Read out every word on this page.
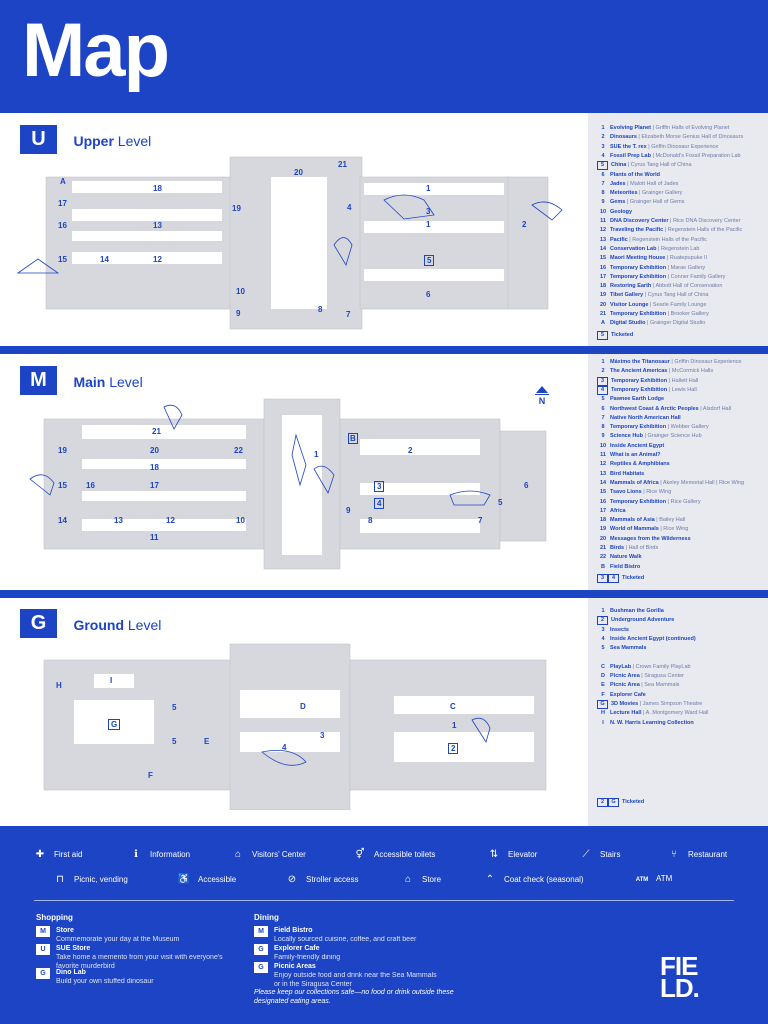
Map
U Upper Level
20
21
A
18
17
19
16	13
15	14	12
10
9	8
7
4
1
3
1	2
5
6
1 Evolving Planet | Griffin Halls of Evolving Planet
2 Dinosaurs | Elizabeth Morse Genius Hall of Dinosaurs
3 SUE the T. rex | Griffin Dinosaur Experience
4 Fossil Prep Lab | McDonald's Fossil Preparation Lab
5 China | Cyrus Tang Hall of China
6 Plants of the World
7 Jades | Malott Hall of Jades
8 Meteorites | Grainger Gallery
9 Gems | Grainger Hall of Gems
10 Geology
11 DNA Discovery Center | Rice DNA Discovery Center
12 Traveling the Pacific | Regenstein Halls of the Pacific
13 Pacific | Regenstein Halls of the Pacific
14 Conservation Lab | Regenstein Lab
15 Maori Meeting House | Ruatepupuke II
16 Temporary Exhibition | Marae Gallery
17 Temporary Exhibition | Conner Family Gallery
18 Restoring Earth | Abbott Hall of Conservation
19 Tibet Gallery | Cyrus Tang Hall of China
20 Visitor Lounge | Searle Family Lounge
21 Temporary Exhibition | Brooker Gallery
A Digital Studio | Grainger Digital Studio
5 Ticketed
M Main Level
N
21
19	20	22
18
15 16	17
14	13	12	10
11
B
1	2
3
4
9
5
6
8	7
1 Máximo the Titanosaur | Griffin Dinosaur Experience
2 The Ancient Americas | McCormick Halls
3 Temporary Exhibition | Hallett Hall
4 Temporary Exhibition | Lewis Hall
5 Pawnee Earth Lodge
6 Northwest Coast & Arctic Peoples | Alsdorf Hall
7 Native North American Hall
8 Temporary Exhibition | Webber Gallery
9 Science Hub | Grainger Science Hub
10 Inside Ancient Egypt
11 What is an Animal?
12 Reptiles & Amphibians
13 Bird Habitats
14 Mammals of Africa | Akeley Memorial Hall | Rice Wing
15 Tsavo Lions | Rice Wing
16 Temporary Exhibition | Rice Gallery
17 Africa
18 Mammals of Asia | Bailey Hall
19 World of Mammals | Rice Wing
20 Messages from the Wilderness
21 Birds | Hall of Birds
22 Nature Walk
B Field Bistro
3 4 Ticketed
G Ground Level
H
I
G
5
5	E
F
D
3
4
C
1
2
1 Bushman the Gorilla
2 Underground Adventure
3 Insects
4 Inside Ancient Egypt (continued)
5 Sea Mammals
C PlayLab | Crown Family PlayLab
D Picnic Area | Siragusa Center
E Picnic Area | Sea Mammals
F Explorer Cafe
G 3D Movies | James Simpson Theatre
H Lecture Hall | A. Montgomery Ward Hall
I N. W. Harris Learning Collection
2 G Ticketed
✚ First aid	ℹ Information	⌂ Visitors' Center	⚥ Accessible toilets	⇅ Elevator	⟋ Stairs	⑂ Restaurant
⊓ Picnic, vending	♿ Accessible	⊘ Stroller access	⌂ Store	⌃ Coat check (seasonal)	ATM ATM
Shopping	Dining
M Store
Commemorate your day at the Museum
U SUE Store
Take home a memento from your visit with everyone's favorite murderbird
G Dino Lab
Build your own stuffed dinosaur
M Field Bistro
Locally sourced cuisine, coffee, and craft beer
G Explorer Cafe
Family-friendly dining
G Picnic Areas
Enjoy outside food and drink near the Sea Mammals or in the Siragusa Center
Please keep our collections safe—no food or drink outside these designated eating areas.
FIE
LD.
